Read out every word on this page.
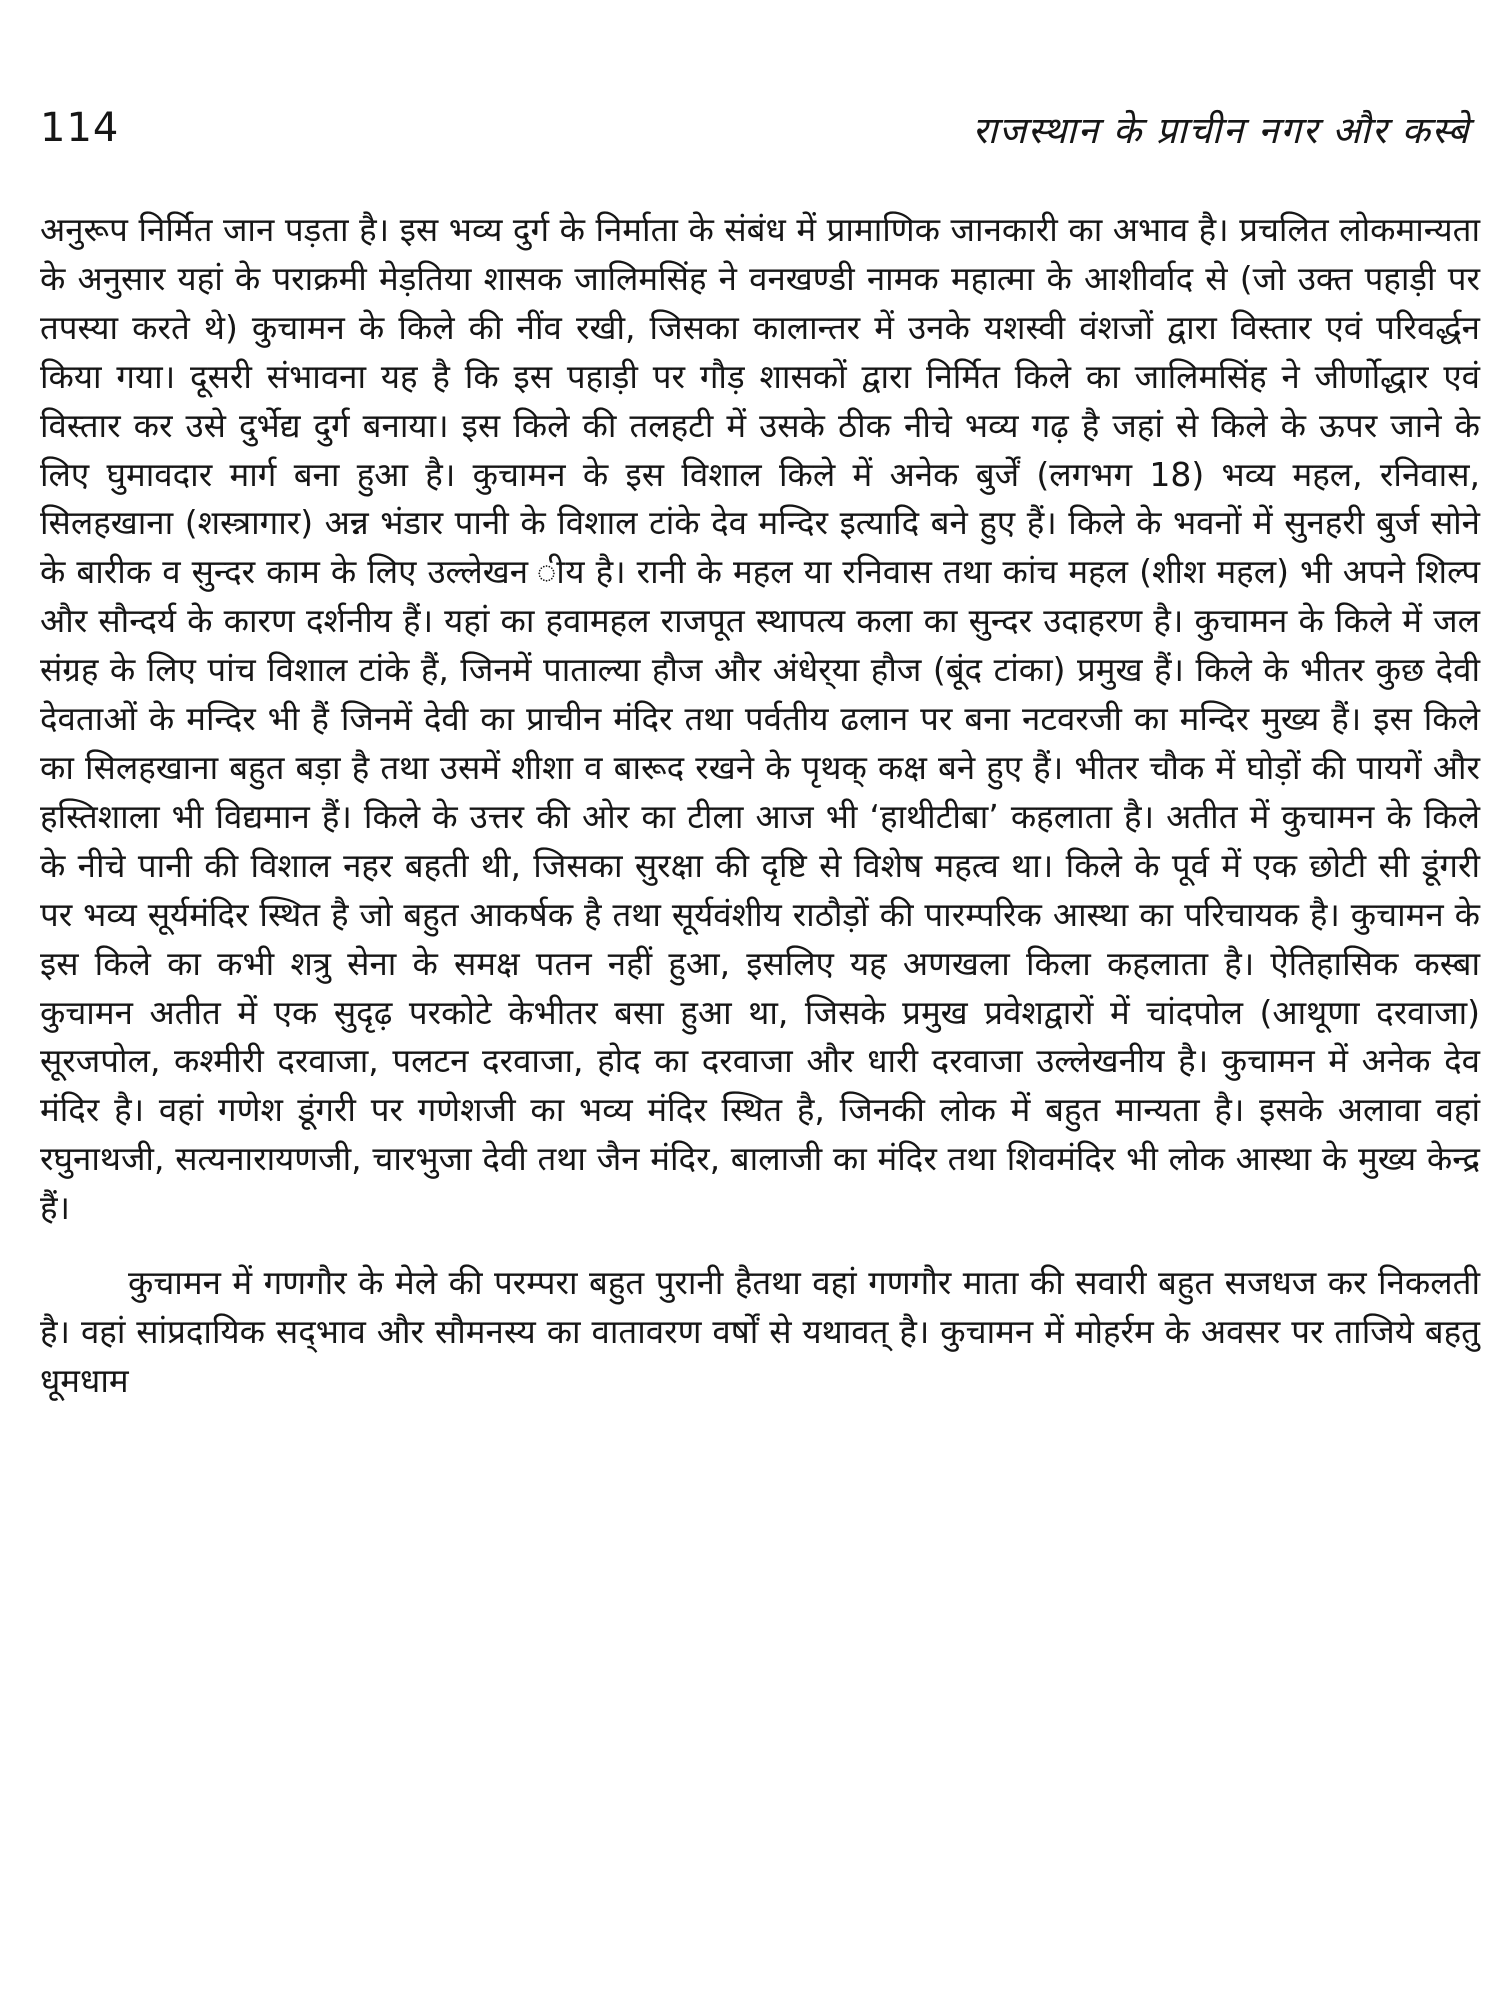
114	राजस्थान के प्राचीन नगर और कस्बे

अनुरूप निर्मित जान पड़ता है। इस भव्य दुर्ग के निर्माता के संबंध में प्रामाणिक जानकारी का अभाव है। प्रचलित लोकमान्यता के अनुसार यहां के पराक्रमी मेड़तिया शासक जालिमसिंह ने वनखण्डी नामक महात्मा के आशीर्वाद से (जो उक्त पहाड़ी पर तपस्या करते थे) कुचामन के किले की नींव रखी, जिसका कालान्तर में उनके यशस्वी वंशजों द्वारा विस्तार एवं परिवर्द्धन किया गया। दूसरी संभावना यह है कि इस पहाड़ी पर गौड़ शासकों द्वारा निर्मित किले का जालिमसिंह ने जीर्णोद्धार एवं विस्तार कर उसे दुर्भेद्य दुर्ग बनाया। इस किले की तलहटी में उसके ठीक नीचे भव्य गढ़ है जहां से किले के ऊपर जाने के लिए घुमावदार मार्ग बना हुआ है। कुचामन के इस विशाल किले में अनेक बुर्जें (लगभग 18) भव्य महल, रनिवास, सिलहखाना (शस्त्रागार) अन्न भंडार पानी के विशाल टांके देव मन्दिर इत्यादि बने हुए हैं। किले के भवनों में सुनहरी बुर्ज सोने के बारीक व सुन्दर काम के लिए उल्लेखन ीय है। रानी के महल या रनिवास तथा कांच महल (शीश महल) भी अपने शिल्प और सौन्दर्य के कारण दर्शनीय हैं। यहां का हवामहल राजपूत स्थापत्य कला का सुन्दर उदाहरण है। कुचामन के किले में जल संग्रह के लिए पांच विशाल टांके हैं, जिनमें पाताल्या हौज और अंधेर्‌या हौज (बूंद टांका) प्रमुख हैं। किले के भीतर कुछ देवी देवताओं के मन्दिर भी हैं जिनमें देवी का प्राचीन मंदिर तथा पर्वतीय ढलान पर बना नटवरजी का मन्दिर मुख्य हैं। इस किले का सिलहखाना बहुत बड़ा है तथा उसमें शीशा व बारूद रखने के पृथक् कक्ष बने हुए हैं। भीतर चौक में घोड़ों की पायगें और हस्तिशाला भी विद्यमान हैं। किले के उत्तर की ओर का टीला आज भी ‘हाथीटीबा’ कहलाता है। अतीत में कुचामन के किले के नीचे पानी की विशाल नहर बहती थी, जिसका सुरक्षा की दृष्टि से विशेष महत्व था। किले के पूर्व में एक छोटी सी डूंगरी पर भव्य सूर्यमंदिर स्थित है जो बहुत आकर्षक है तथा सूर्यवंशीय राठौड़ों की पारम्परिक आस्था का परिचायक है। कुचामन के इस किले का कभी शत्रु सेना के समक्ष पतन नहीं हुआ, इसलिए यह अणखला किला कहलाता है। ऐतिहासिक कस्बा कुचामन अतीत में एक सुदृढ़ परकोटे केभीतर बसा हुआ था, जिसके प्रमुख प्रवेशद्वारों में चांदपोल (आथूणा दरवाजा) सूरजपोल, कश्मीरी दरवाजा, पलटन दरवाजा, होद का दरवाजा और धारी दरवाजा उल्लेखनीय है। कुचामन में अनेक देव मंदिर है। वहां गणेश डूंगरी पर गणेशजी का भव्य मंदिर स्थित है, जिनकी लोक में बहुत मान्यता है। इसके अलावा वहां रघुनाथजी, सत्यनारायणजी, चारभुजा देवी तथा जैन मंदिर, बालाजी का मंदिर तथा शिवमंदिर भी लोक आस्था के मुख्य केन्द्र हैं।

कुचामन में गणगौर के मेले की परम्परा बहुत पुरानी हैतथा वहां गणगौर माता की सवारी बहुत सजधज कर निकलती है। वहां सांप्रदायिक सद्‌भाव और सौमनस्य का वातावरण वर्षों से यथावत् है। कुचामन में मोहर्रम के अवसर पर ताजिये बहतु धूमधाम
